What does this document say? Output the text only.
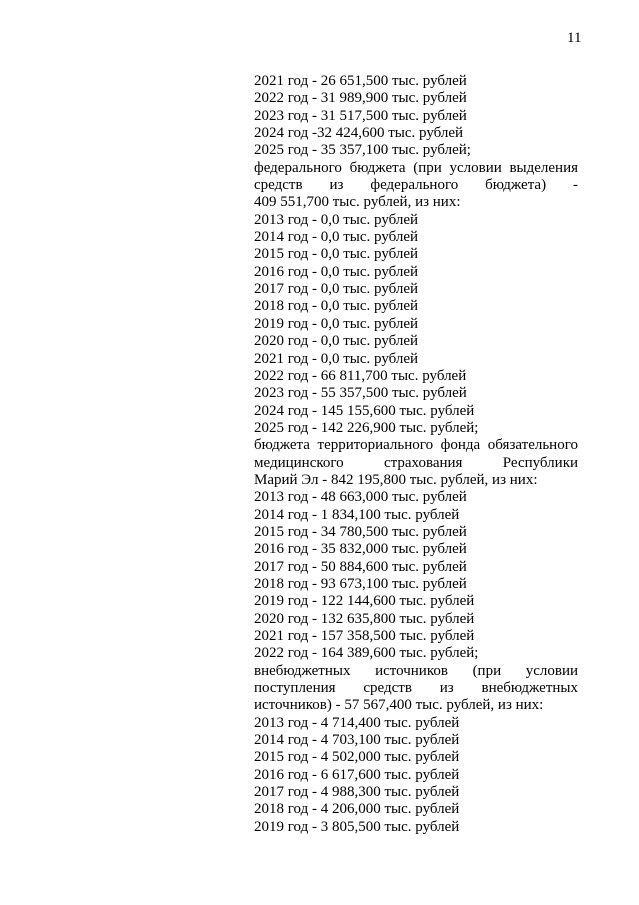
11
2021 год - 26 651,500 тыс. рублей
2022 год - 31 989,900 тыс. рублей
2023 год - 31 517,500 тыс. рублей
2024 год -32 424,600 тыс. рублей
2025 год - 35 357,100 тыс. рублей;
федерального бюджета (при условии выделения
средств из федерального бюджета) -
409 551,700 тыс. рублей, из них:
2013 год - 0,0 тыс. рублей
2014 год - 0,0 тыс. рублей
2015 год - 0,0 тыс. рублей
2016 год - 0,0 тыс. рублей
2017 год - 0,0 тыс. рублей
2018 год - 0,0 тыс. рублей
2019 год - 0,0 тыс. рублей
2020 год - 0,0 тыс. рублей
2021 год - 0,0 тыс. рублей
2022 год - 66 811,700 тыс. рублей
2023 год - 55 357,500 тыс. рублей
2024 год - 145 155,600 тыс. рублей
2025 год - 142 226,900 тыс. рублей;
бюджета территориального фонда обязательного
медицинского	страхования	Республики
Марий Эл - 842 195,800 тыс. рублей, из них:
2013 год - 48 663,000 тыс. рублей
2014 год - 1 834,100 тыс. рублей
2015 год - 34 780,500 тыс. рублей
2016 год - 35 832,000 тыс. рублей
2017 год - 50 884,600 тыс. рублей
2018 год - 93 673,100 тыс. рублей
2019 год - 122 144,600 тыс. рублей
2020 год - 132 635,800 тыс. рублей
2021 год - 157 358,500 тыс. рублей
2022 год - 164 389,600 тыс. рублей;
внебюджетных источников (при условии
поступления средств из внебюджетных
источников) - 57 567,400 тыс. рублей, из них:
2013 год - 4 714,400 тыс. рублей
2014 год - 4 703,100 тыс. рублей
2015 год - 4 502,000 тыс. рублей
2016 год - 6 617,600 тыс. рублей
2017 год - 4 988,300 тыс. рублей
2018 год - 4 206,000 тыс. рублей
2019 год - 3 805,500 тыс. рублей
